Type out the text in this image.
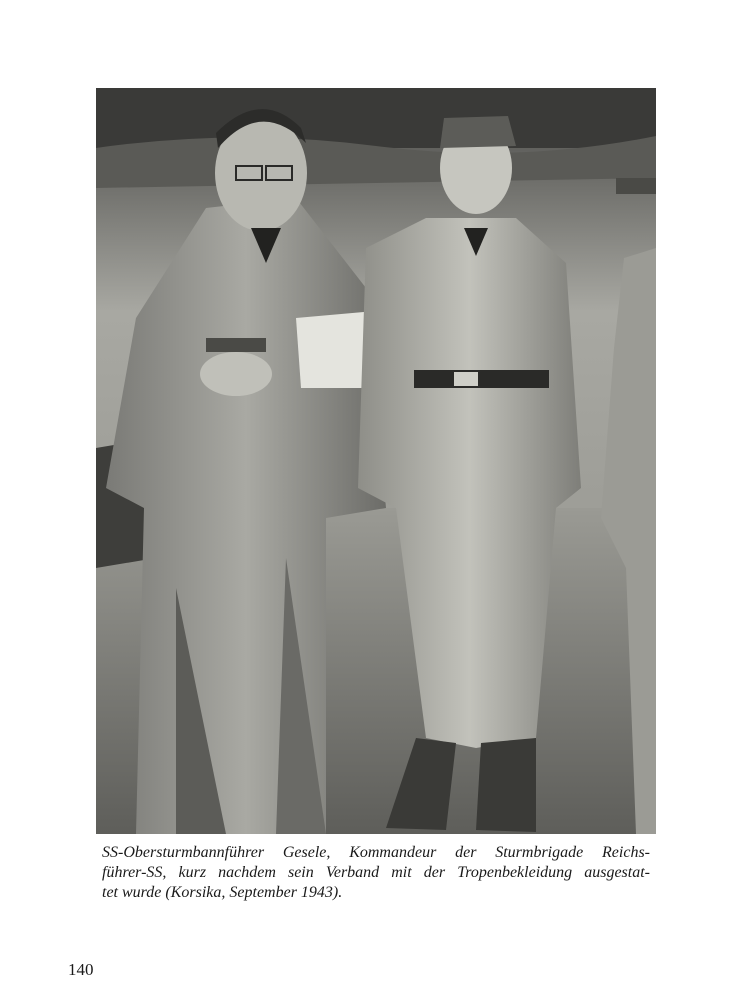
SS-Obersturmbannführer Gesele, Kommandeur der Sturmbrigade Reichs-
führer-SS, kurz nachdem sein Verband mit der Tropenbekleidung ausgestat-
tet wurde (Korsika, September 1943).

140
